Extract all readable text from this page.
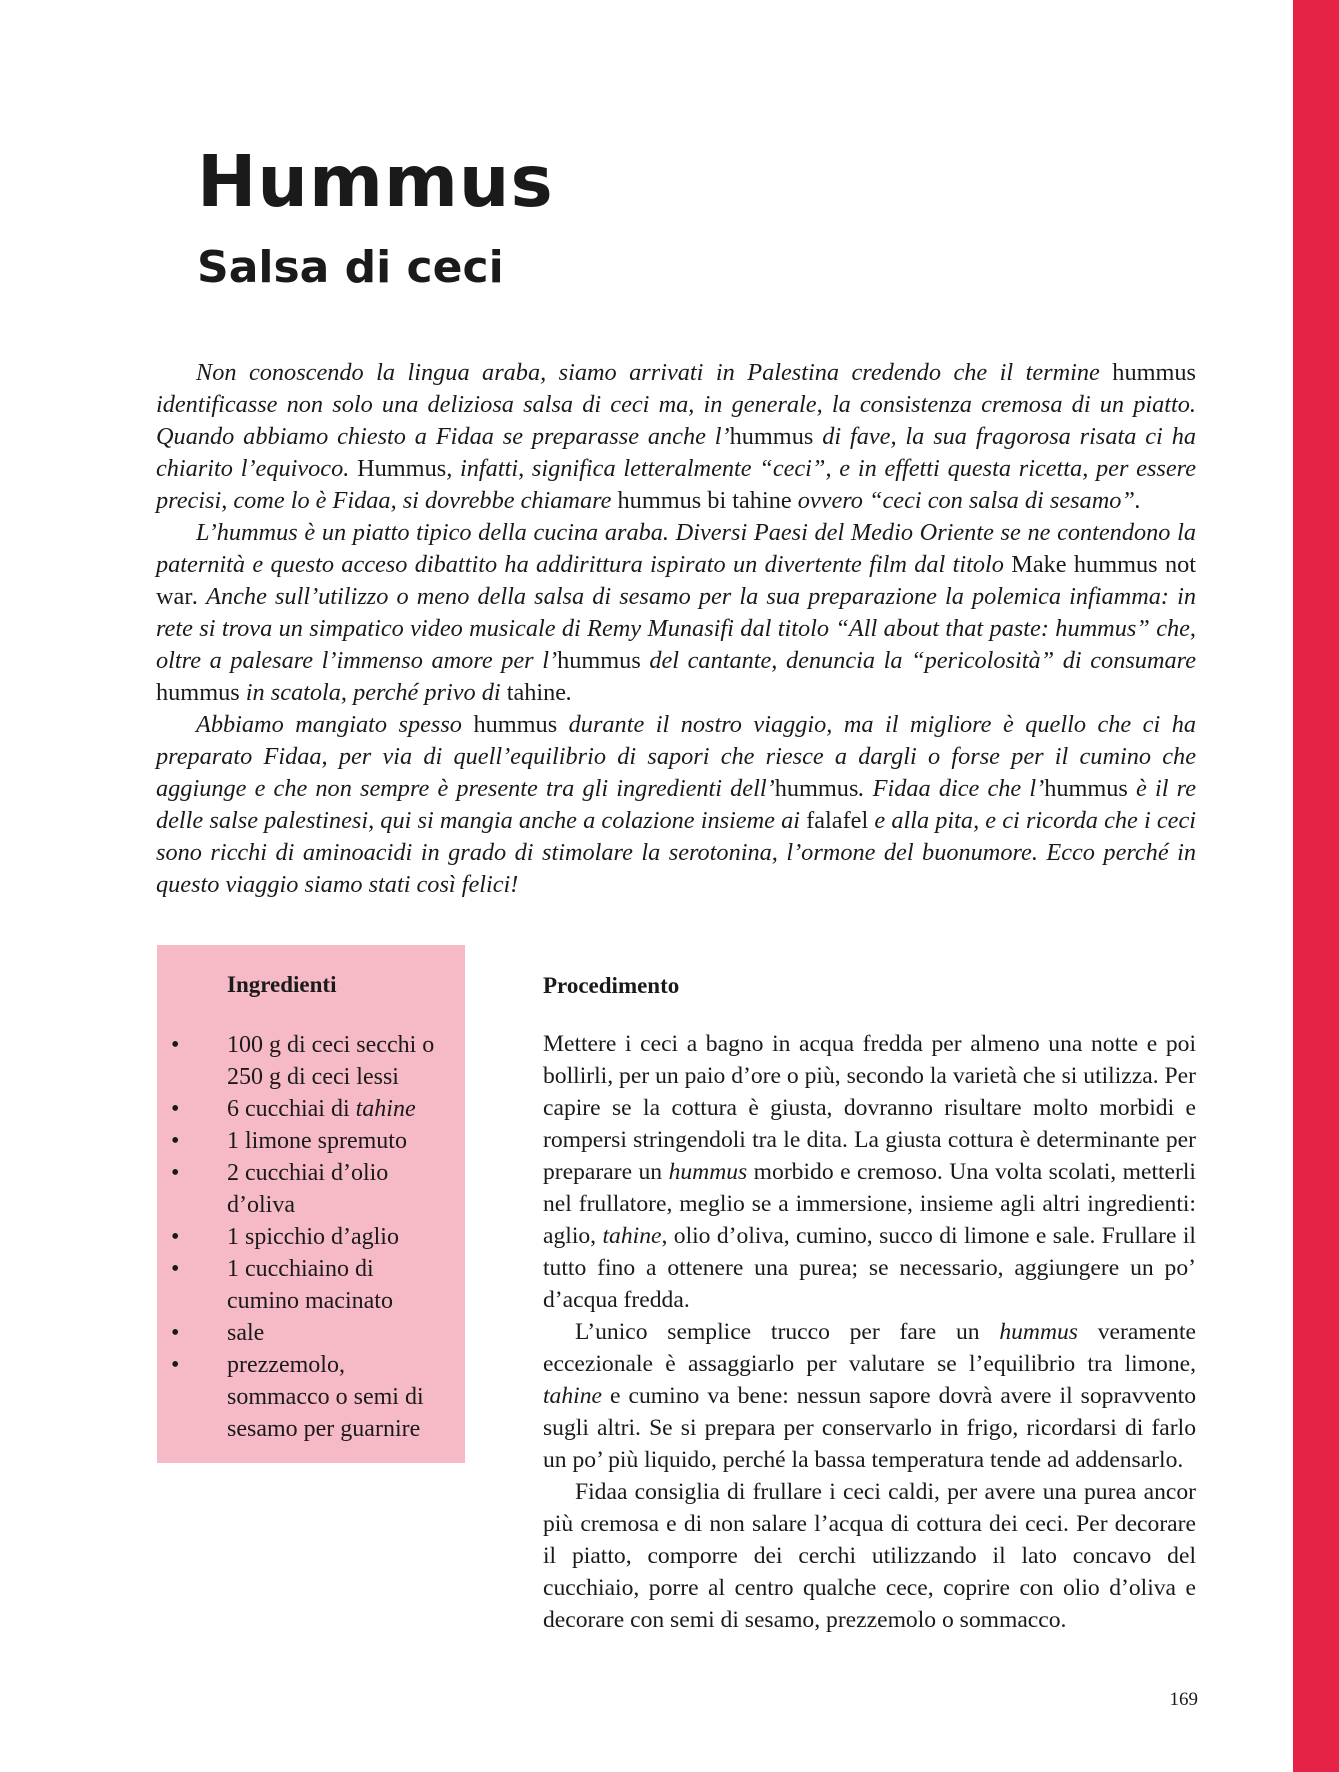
Hummus
Salsa di ceci

Non conoscendo la lingua araba, siamo arrivati in Palestina credendo che il termine hummus identificasse non solo una deliziosa salsa di ceci ma, in generale, la consistenza cremosa di un piatto. Quando abbiamo chiesto a Fidaa se preparasse anche l’hummus di fave, la sua fragorosa risata ci ha chiarito l’equivoco. Hummus, infatti, significa letteralmente “ceci”, e in effetti questa ricetta, per essere precisi, come lo è Fidaa, si dovrebbe chiamare hummus bi tahine ovvero “ceci con salsa di sesamo”.

L’hummus è un piatto tipico della cucina araba. Diversi Paesi del Medio Oriente se ne contendono la paternità e questo acceso dibattito ha addirittura ispirato un divertente film dal titolo Make hummus not war. Anche sull’utilizzo o meno della salsa di sesamo per la sua preparazione la polemica infiamma: in rete si trova un simpatico video musicale di Remy Munasifi dal titolo “All about that paste: hummus” che, oltre a palesare l’immenso amore per l’hummus del cantante, denuncia la “pericolosità” di consumare hummus in scatola, perché privo di tahine.

Abbiamo mangiato spesso hummus durante il nostro viaggio, ma il migliore è quello che ci ha preparato Fidaa, per via di quell’equilibrio di sapori che riesce a dargli o forse per il cumino che aggiunge e che non sempre è presente tra gli ingredienti dell’hummus. Fidaa dice che l’hummus è il re delle salse palestinesi, qui si mangia anche a colazione insieme ai falafel e alla pita, e ci ricorda che i ceci sono ricchi di aminoacidi in grado di stimolare la serotonina, l’ormone del buonumore. Ecco perché in questo viaggio siamo stati così felici!

Ingredienti
• 100 g di ceci secchi o 250 g di ceci lessi
• 6 cucchiai di tahine
• 1 limone spremuto
• 2 cucchiai d’olio d’oliva
• 1 spicchio d’aglio
• 1 cucchiaino di cumino macinato
• sale
• prezzemolo, sommacco o semi di sesamo per guarnire
Procedimento

Mettere i ceci a bagno in acqua fredda per almeno una notte e poi bollirli, per un paio d’ore o più, secondo la varietà che si utilizza. Per capire se la cottura è giusta, dovranno risultare molto morbidi e rompersi stringendoli tra le dita. La giusta cottura è determinante per preparare un hummus morbido e cremoso. Una volta scolati, metterli nel frullatore, meglio se a immersione, insieme agli altri ingredienti: aglio, tahine, olio d’oliva, cumino, succo di limone e sale. Frullare il tutto fino a ottenere una purea; se necessario, aggiungere un po’ d’acqua fredda.

L’unico semplice trucco per fare un hummus veramente eccezionale è assaggiarlo per valutare se l’equilibrio tra limone, tahine e cumino va bene: nessun sapore dovrà avere il sopravvento sugli altri. Se si prepara per conservarlo in frigo, ricordarsi di farlo un po’ più liquido, perché la bassa temperatura tende ad addensarlo.

Fidaa consiglia di frullare i ceci caldi, per avere una purea ancor più cremosa e di non salare l’acqua di cottura dei ceci. Per decorare il piatto, comporre dei cerchi utilizzando il lato concavo del cucchiaio, porre al centro qualche cece, coprire con olio d’oliva e decorare con semi di sesamo, prezzemolo o sommacco.

169
